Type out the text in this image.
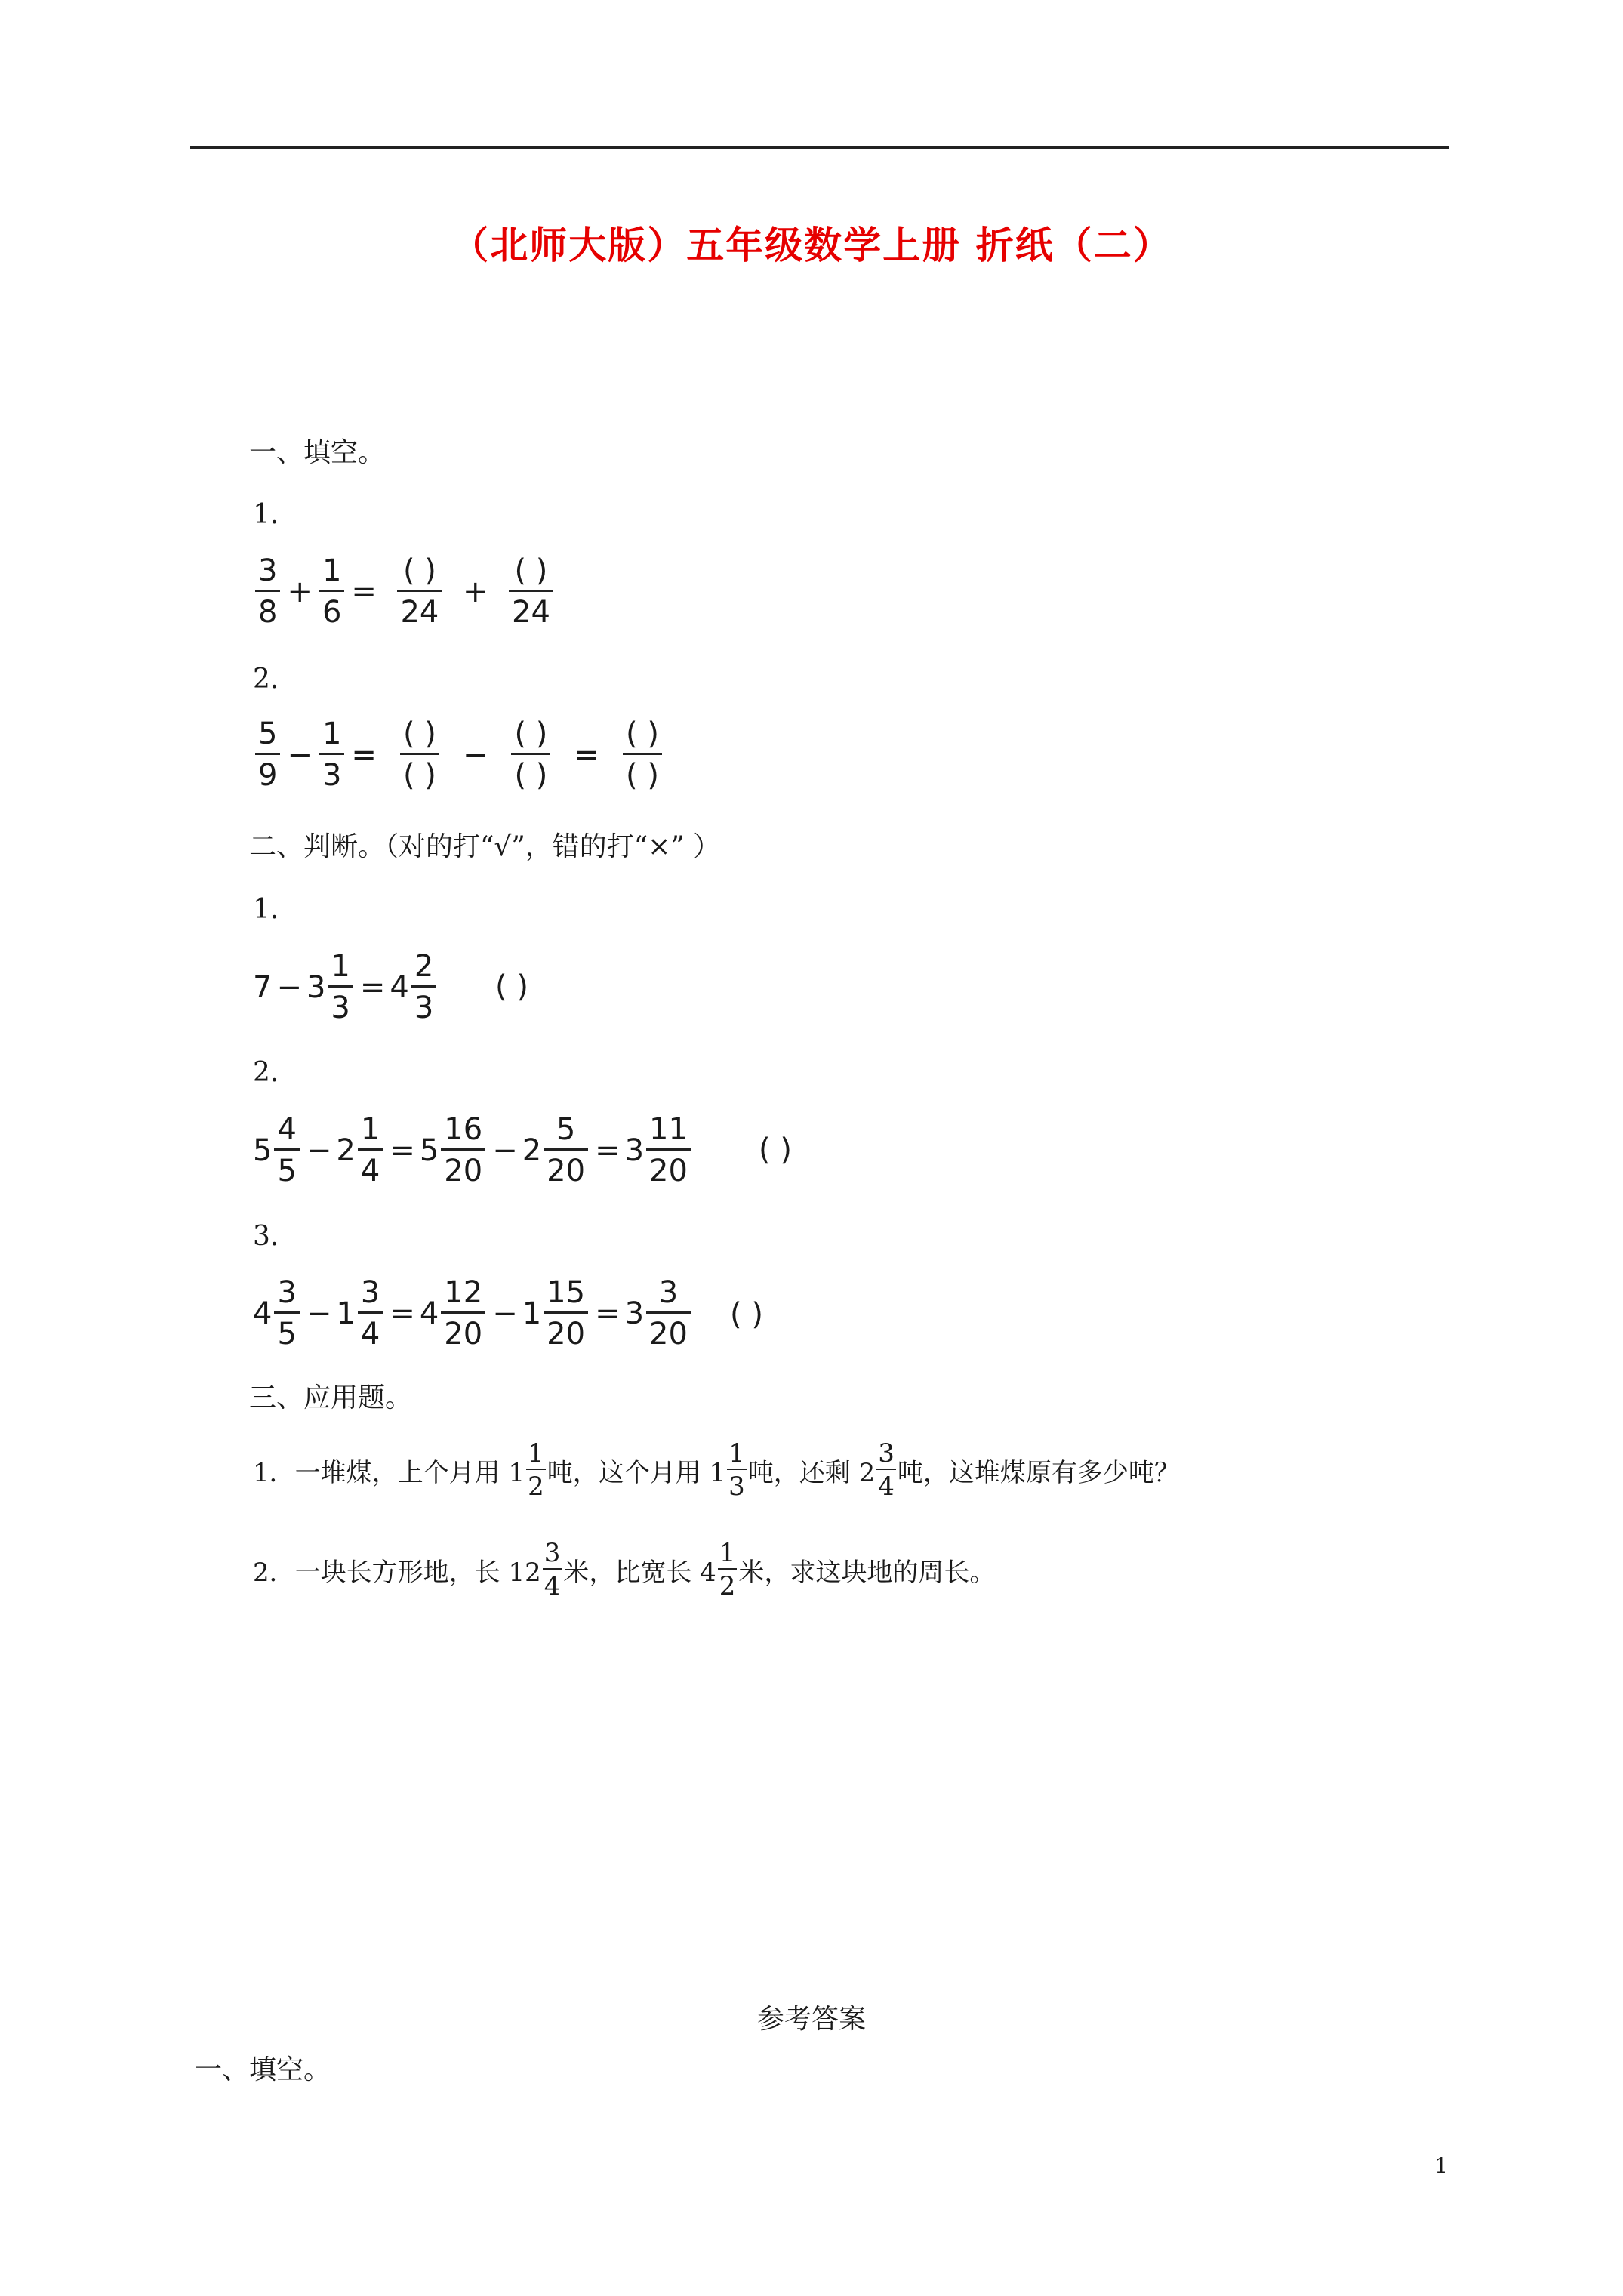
（北师大版）五年级数学上册 折纸（二）
一、填空。
1．
$\frac{3}{8} + \frac{1}{6} = \frac{( )}{24} + \frac{( )}{24}$
2．
$\frac{5}{9} - \frac{1}{3} = \frac{( )}{( )} - \frac{( )}{( )} = \frac{( )}{( )}$
二、判断。（对的打“√”，错的打“×” ）
1．
$7 - 3 \frac{1}{3} = 4 \frac{2}{3}$ ( )
2．
$5 \frac{4}{5} - 2 \frac{1}{4} = 5 \frac{16}{20} - 2 \frac{5}{20} = 3 \frac{11}{20}$ ( )
3．
$4 \frac{3}{5} - 1 \frac{3}{4} = 4 \frac{12}{20} - 1 \frac{15}{20} = 3 \frac{3}{20}$ ( )
三、应用题。
1．一堆煤，上个月用 $1 \frac{1}{2}$ 吨，这个月用 $1 \frac{1}{3}$ 吨，还剩 $2 \frac{3}{4}$ 吨，这堆煤原有多少吨？
2．一块长方形地，长 $12 \frac{3}{4}$ 米，比宽长 $4 \frac{1}{2}$ 米，求这块地的周长。
参考答案
一、填空。
1
